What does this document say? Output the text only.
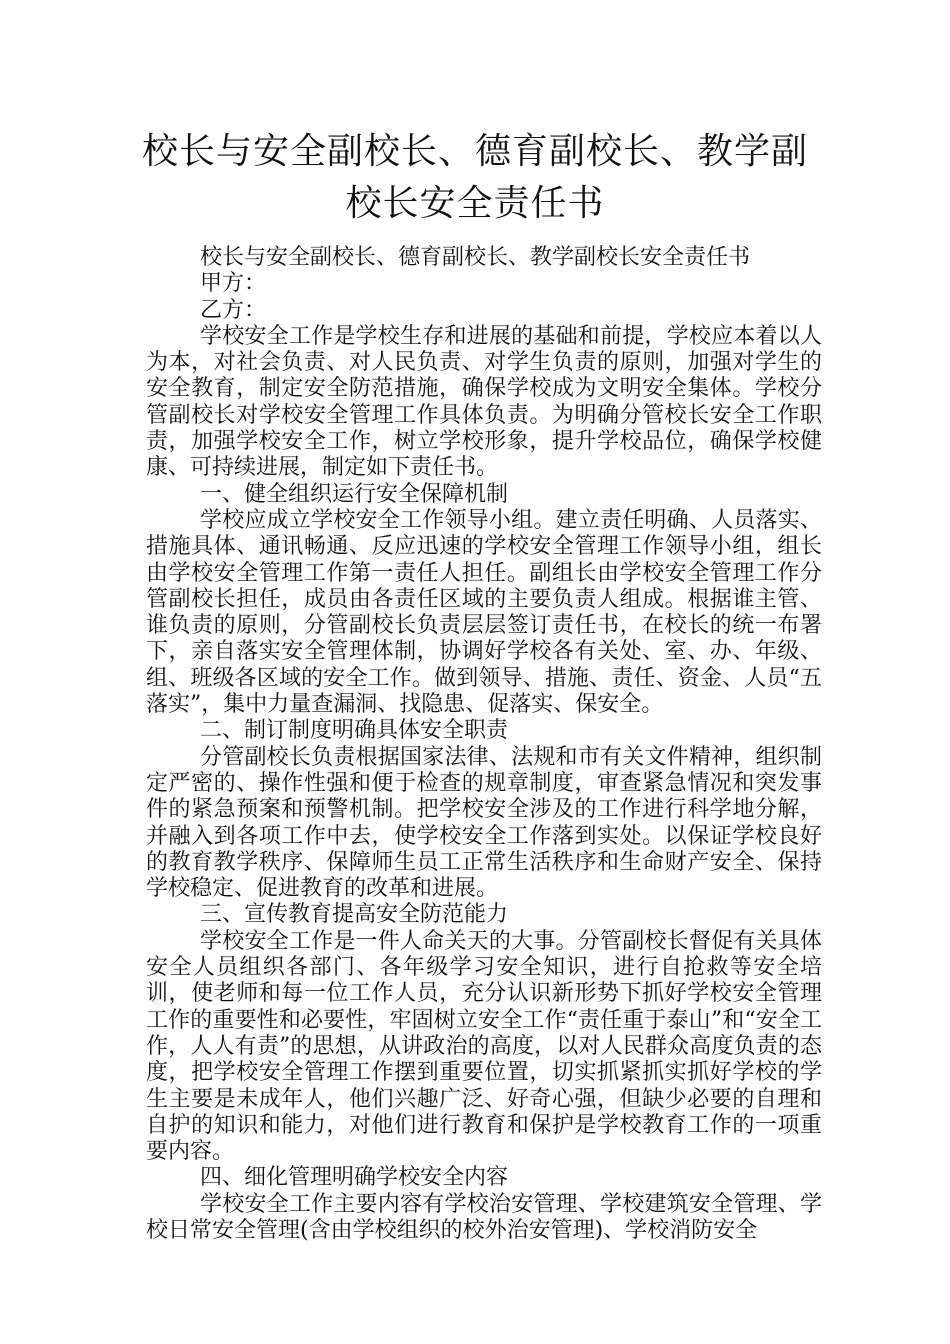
校长与安全副校长、德育副校长、教学副
校长安全责任书

校长与安全副校长、德育副校长、教学副校长安全责任书

甲方：

乙方：

学校安全工作是学校生存和进展的基础和前提，学校应本着以人为本，对社会负责、对人民负责、对学生负责的原则，加强对学生的安全教育，制定安全防范措施，确保学校成为文明安全集体。学校分管副校长对学校安全管理工作具体负责。为明确分管校长安全工作职责，加强学校安全工作，树立学校形象，提升学校品位，确保学校健康、可持续进展，制定如下责任书。

一、健全组织运行安全保障机制

学校应成立学校安全工作领导小组。建立责任明确、人员落实、措施具体、通讯畅通、反应迅速的学校安全管理工作领导小组，组长由学校安全管理工作第一责任人担任。副组长由学校安全管理工作分管副校长担任，成员由各责任区域的主要负责人组成。根据谁主管、谁负责的原则，分管副校长负责层层签订责任书，在校长的统一布署下，亲自落实安全管理体制，协调好学校各有关处、室、办、年级、组、班级各区域的安全工作。做到领导、措施、责任、资金、人员“五落实”，集中力量查漏洞、找隐患、促落实、保安全。

二、制订制度明确具体安全职责

分管副校长负责根据国家法律、法规和市有关文件精神，组织制定严密的、操作性强和便于检查的规章制度，审查紧急情况和突发事件的紧急预案和预警机制。把学校安全涉及的工作进行科学地分解，并融入到各项工作中去，使学校安全工作落到实处。以保证学校良好的教育教学秩序、保障师生员工正常生活秩序和生命财产安全、保持学校稳定、促进教育的改革和进展。

三、宣传教育提高安全防范能力

学校安全工作是一件人命关天的大事。分管副校长督促有关具体安全人员组织各部门、各年级学习安全知识，进行自抢救等安全培训，使老师和每一位工作人员，充分认识新形势下抓好学校安全管理工作的重要性和必要性，牢固树立安全工作“责任重于泰山”和“安全工作，人人有责”的思想，从讲政治的高度，以对人民群众高度负责的态度，把学校安全管理工作摆到重要位置，切实抓紧抓实抓好学校的学生主要是未成年人，他们兴趣广泛、好奇心强，但缺少必要的自理和自护的知识和能力，对他们进行教育和保护是学校教育工作的一项重要内容。

四、细化管理明确学校安全内容

学校安全工作主要内容有学校治安管理、学校建筑安全管理、学校日常安全管理(含由学校组织的校外治安管理)、学校消防安全
